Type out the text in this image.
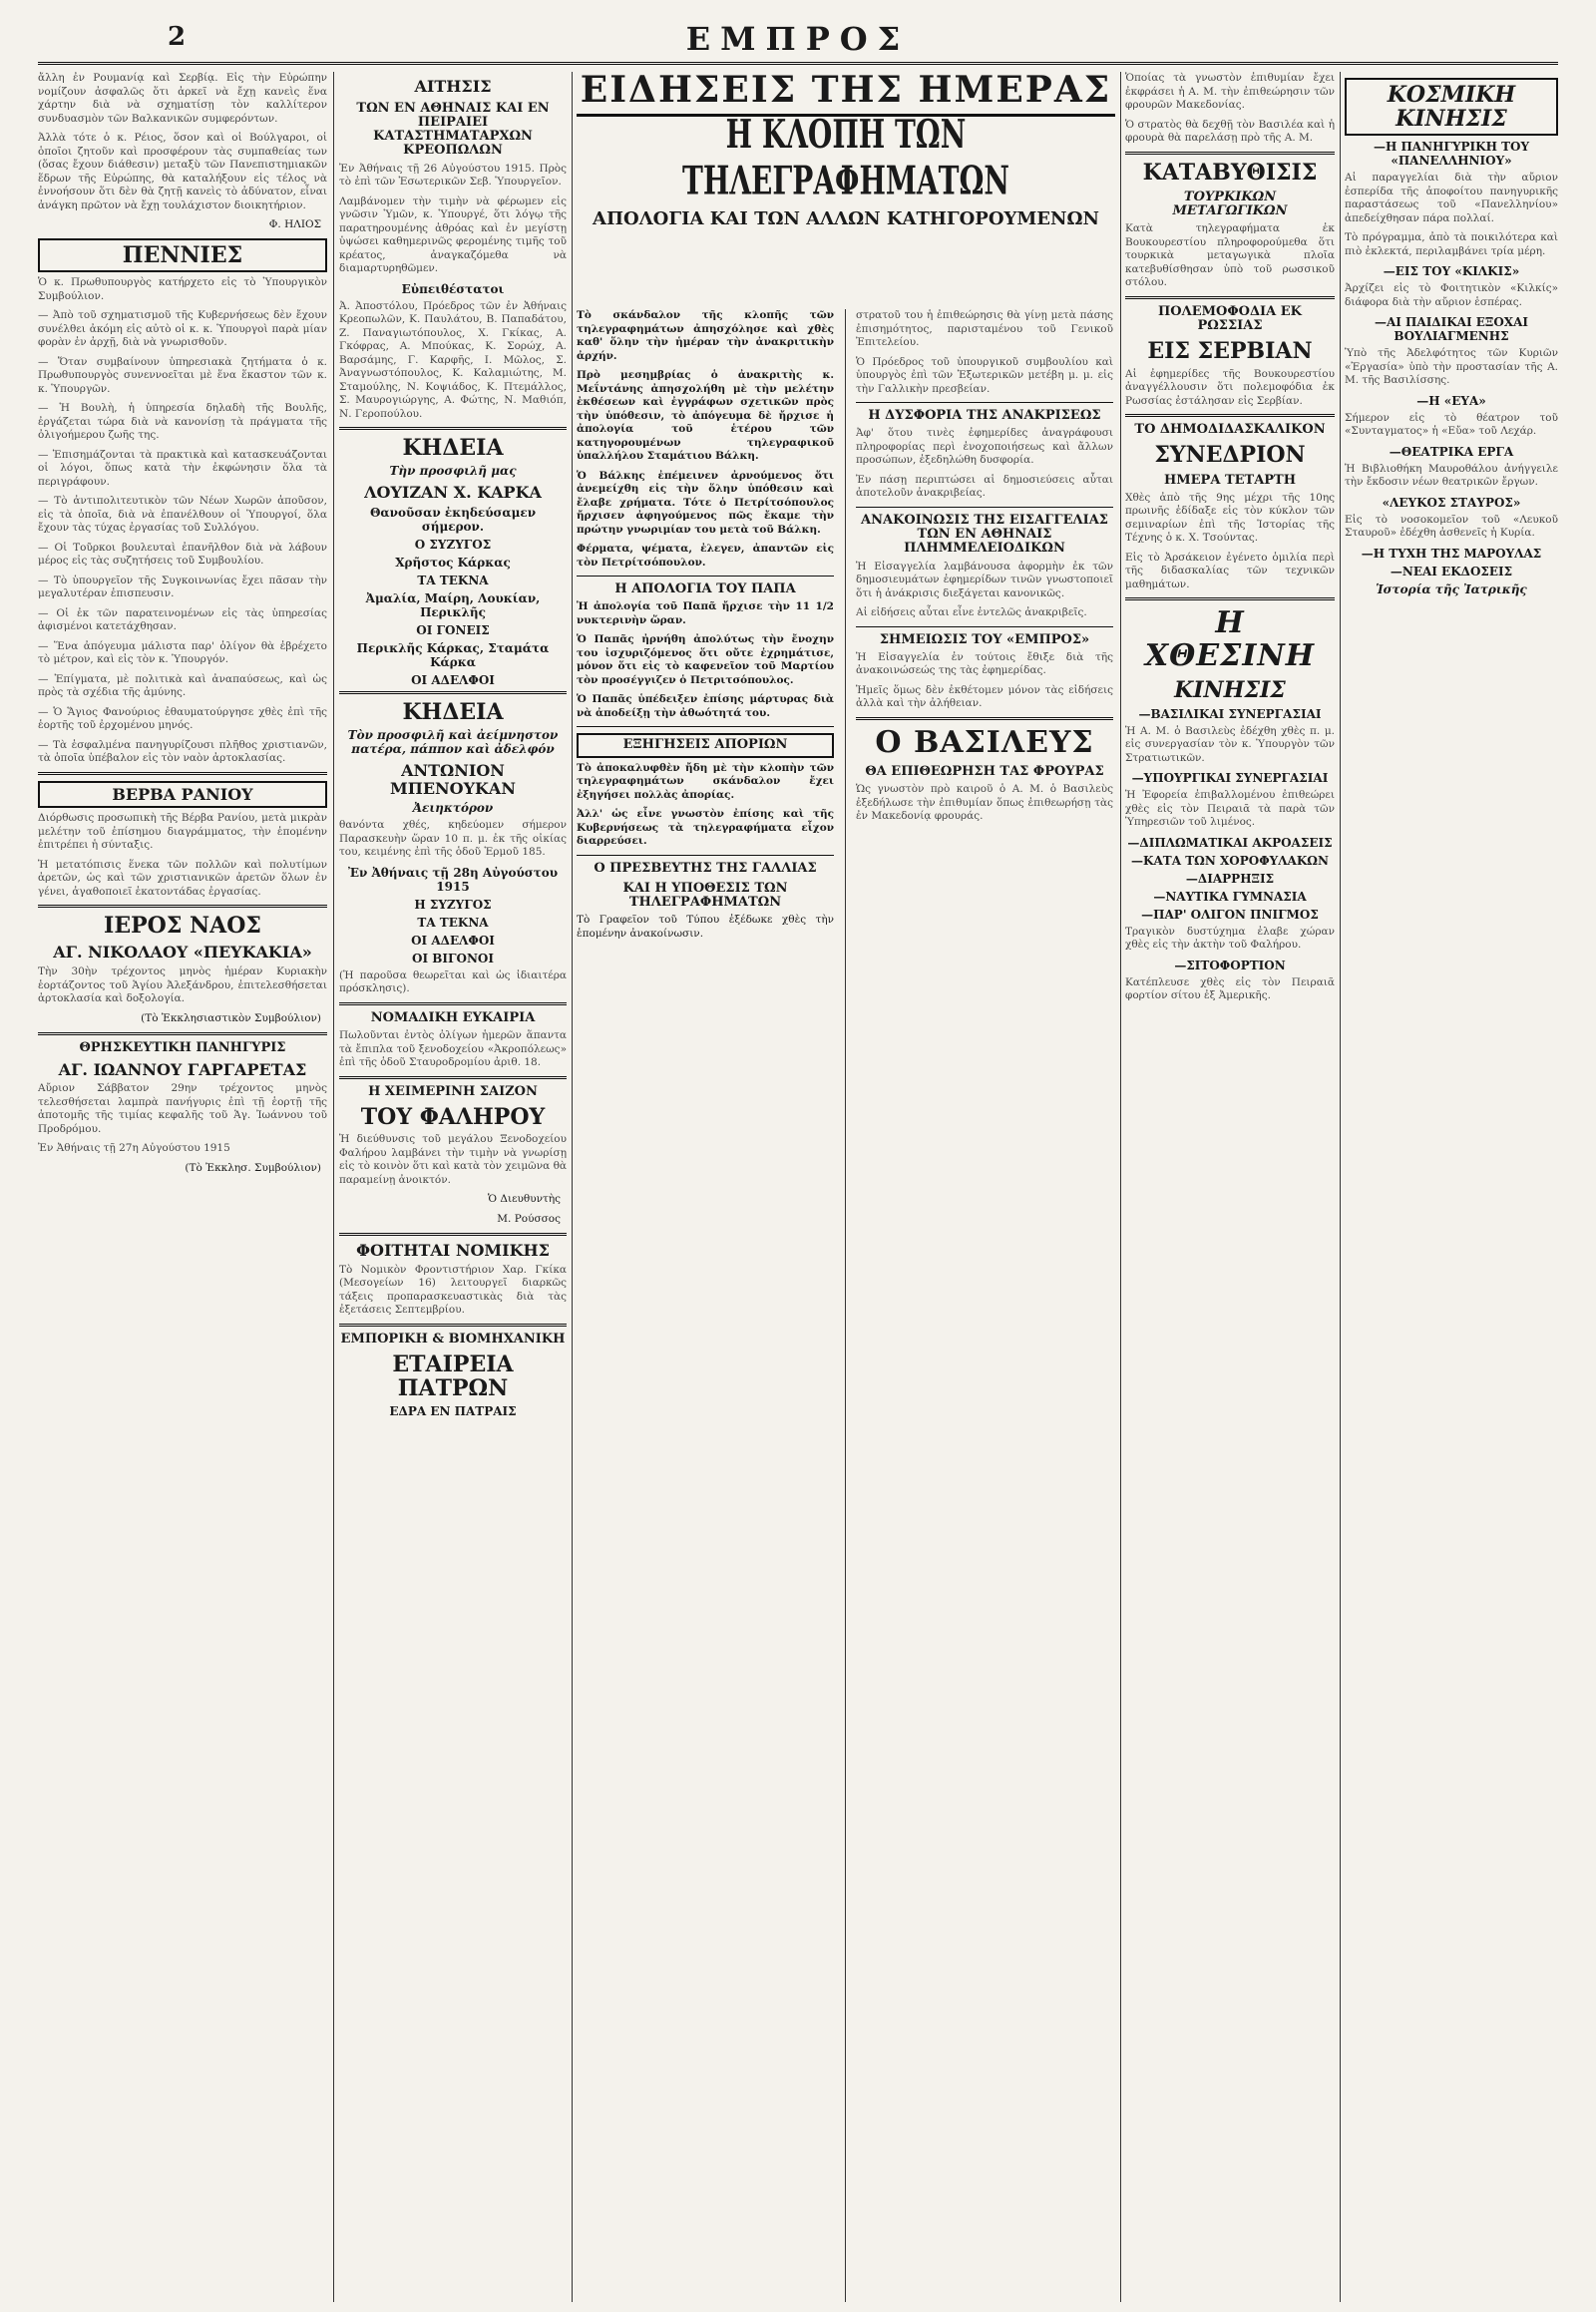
2	ΕΜΠΡΟΣ

ἄλλη ἐν Ρουμανίᾳ καὶ Σερβίᾳ. Εἰς τὴν Εὐρώπην νομίζουν ἀσφαλῶς ὅτι ἀρκεῖ νὰ ἔχῃ κανεὶς ἕνα χάρτην διὰ νὰ σχηματίσῃ τὸν καλλίτερον συνδυασμὸν τῶν Βαλκανικῶν συμφερόντων.

Ἀλλὰ τότε ὁ κ. Ρέιος, ὅσον καὶ οἱ Βούλγαροι, οἱ ὁποῖοι ζητοῦν καὶ προσφέρουν τὰς συμπαθείας των (ὅσας ἔχουν διάθεσιν) μεταξὺ τῶν Πανεπιστημιακῶν ἕδρων τῆς Εὐρώπης, θὰ καταλήξουν εἰς τέλος νὰ ἐννοήσουν ὅτι δὲν θὰ ζητῇ κανεὶς τὸ ἀδύνατον, εἶναι ἀνάγκη πρῶτον νὰ ἔχῃ τουλάχιστον διοικητήριον.

Φ. ΗΛΙΟΣ
ΠΕΝΝΙΕΣ

Ὁ κ. Πρωθυπουργὸς κατήρχετο εἰς τὸ Ὑπουργικὸν Συμβούλιον.

— Ἀπὸ τοῦ σχηματισμοῦ τῆς Κυβερνήσεως δὲν ἔχουν συνέλθει ἀκόμη εἰς αὐτὸ οἱ κ. κ. Ὑπουργοὶ παρὰ μίαν φορὰν ἐν ἀρχῇ, διὰ νὰ γνωρισθοῦν.

— Ὅταν συμβαίνουν ὑπηρεσιακὰ ζητήματα ὁ κ. Πρωθυπουργὸς συνεννοεῖται μὲ ἕνα ἕκαστον τῶν κ. κ. Ὑπουργῶν.

— Ἡ Βουλὴ, ἡ ὑπηρεσία δηλαδὴ τῆς Βουλῆς, ἐργάζεται τώρα διὰ νὰ κανονίσῃ τὰ πράγματα τῆς ὀλιγοήμερου ζωῆς της.

— Ἐπισημάζονται τὰ πρακτικὰ καὶ κατασκευάζονται οἱ λόγοι, ὅπως κατὰ τὴν ἐκφώνησιν ὅλα τὰ περιγράφουν.

— Τὸ ἀντιπολιτευτικὸν τῶν Νέων Χωρῶν ἀποῦσον, εἰς τὰ ὁποῖα, διὰ νὰ ἐπανέλθουν οἱ Ὑπουργοί, ὅλα ἔχουν τὰς τύχας ἐργασίας τοῦ Συλλόγου.

— Οἱ Τοῦρκοι βουλευταὶ ἐπανῆλθον διὰ νὰ λάβουν μέρος εἰς τὰς συζητήσεις τοῦ Συμβουλίου.

— Τὸ ὑπουργεῖον τῆς Συγκοινωνίας ἔχει πᾶσαν τὴν μεγαλυτέραν ἐπισπευσιν.

— Οἱ ἐκ τῶν παρατεινομένων εἰς τὰς ὑπηρεσίας ἀφισμένοι κατετάχθησαν.

— Ἕνα ἀπόγευμα μάλιστα παρ' ὀλίγον θὰ ἐβρέχετο τὸ μέτρον, καὶ εἰς τὸν κ. Ὑπουργόν.

— Ἐπίγματα, μὲ πολιτικὰ καὶ ἀναπαύσεως, καὶ ὡς πρὸς τὰ σχέδια τῆς ἀμύνης.

— Ὁ Ἅγιος Φανούριος ἐθαυματούργησε χθὲς ἐπὶ τῆς ἑορτῆς τοῦ ἐρχομένου μηνός.

— Τὰ ἐσφαλμένα πανηγυρίζουσι πλῆθος χριστιανῶν, τὰ ὁποῖα ὑπέβαλον εἰς τὸν ναὸν ἀρτοκλασίας.

ΒΕΡΒΑ ΡΑΝΙΟΥ

Διόρθωσις προσωπικὴ τῆς Βέρβα Ρανίου, μετὰ μικρὰν μελέτην τοῦ ἐπίσημου διαγράμματος, τὴν ἑπομένην ἐπιτρέπει ἡ σύνταξις.

Ἡ μετατόπισις ἕνεκα τῶν πολλῶν καὶ πολυτίμων ἀρετῶν, ὡς καὶ τῶν χριστιανικῶν ἀρετῶν ὅλων ἐν γένει, ἀγαθοποιεῖ ἑκατοντάδας ἐργασίας.

ΙΕΡΟΣ ΝΑΟΣ
ΑΓ. ΝΙΚΟΛΑΟΥ «ΠΕΥΚΑΚΙΑ»

Τὴν 30ὴν τρέχοντος μηνὸς ἡμέραν Κυριακὴν ἑορτάζοντος τοῦ Ἁγίου Ἀλεξάνδρου, ἐπιτελεσθήσεται ἀρτοκλασία καὶ δοξολογία.

(Τὸ Ἐκκλησιαστικὸν Συμβούλιον)
ΘΡΗΣΚΕΥΤΙΚΗ ΠΑΝΗΓΥΡΙΣ
ΑΓ. ΙΩΑΝΝΟΥ ΓΑΡΓΑΡΕΤΑΣ

Αὔριον Σάββατον 29ην τρέχοντος μηνὸς τελεσθήσεται λαμπρὰ πανήγυρις ἐπὶ τῇ ἑορτῇ τῆς ἀποτομῆς τῆς τιμίας κεφαλῆς τοῦ Ἁγ. Ἰωάννου τοῦ Προδρόμου.

Ἐν Ἀθήναις τῇ 27η Αὐγούστου 1915

(Τὸ Ἐκκλησ. Συμβούλιον)
ΑΙΤΗΣΙΣ
ΤΩΝ ΕΝ ΑΘΗΝΑΙΣ ΚΑΙ ΕΝ ΠΕΙΡΑΙΕΙ ΚΑΤΑΣΤΗΜΑΤΑΡΧΩΝ ΚΡΕΟΠΩΛΩΝ

Ἐν Ἀθήναις τῇ 26 Αὐγούστου 1915. Πρὸς τὸ ἐπὶ τῶν Ἐσωτερικῶν Σεβ. Ὑπουργεῖον.

Λαμβάνομεν τὴν τιμὴν νὰ φέρωμεν εἰς γνῶσιν Ὑμῶν, κ. Ὑπουργέ, ὅτι λόγῳ τῆς παρατηρουμένης ἀθρόας καὶ ἐν μεγίστῃ ὑψώσει καθημερινῶς φερομένης τιμῆς τοῦ κρέατος, ἀναγκαζόμεθα νὰ διαμαρτυρηθῶμεν.

Εὐπειθέστατοι

Ἀ. Ἀποστόλου, Πρόεδρος τῶν ἐν Ἀθήναις Κρεοπωλῶν, Κ. Παυλάτου, Β. Παπαδάτου, Ζ. Παναγιωτόπουλος, Χ. Γκίκας, Α. Γκόφρας, Α. Μπούκας, Κ. Σορώχ, Α. Βαρσάμης, Γ. Καρφῆς, Ι. Μῶλος, Σ. Ἀναγνωστόπουλος, Κ. Καλαμιώτης, Μ. Σταμούλης, Ν. Κοψιάδος, Κ. Πτεμάλλος, Σ. Μαυρογιώργης, Α. Φώτης, Ν. Μαθιόπ, Ν. Γεροπούλου.

ΚΗΔΕΙΑ
Τὴν προσφιλῆ μας
ΛΟΥΙΖΑΝ Χ. ΚΑΡΚΑ
Θανοῦσαν ἐκηδεύσαμεν σήμερον.
Ο ΣΥΖΥΓΟΣ
Χρῆστος Κάρκας
ΤΑ ΤΕΚΝΑ
Ἀμαλία, Μαίρη, Λουκίαν, Περικλῆς
ΟΙ ΓΟΝΕΙΣ
Περικλῆς Κάρκας, Σταμάτα Κάρκα
ΟΙ ΑΔΕΛΦΟΙ
ΚΗΔΕΙΑ
Τὸν προσφιλῆ καὶ ἀείμνηστον πατέρα, πάππον καὶ ἀδελφόν
ΑΝΤΩΝΙΟΝ ΜΠΕΝΟΥΚΑΝ
Ἀειηκτόρον

θανόντα χθές, κηδεύομεν σήμερον Παρασκευὴν ὥραν 10 π. μ. ἐκ τῆς οἰκίας του, κειμένης ἐπὶ τῆς ὁδοῦ Ἑρμοῦ 185.

Ἐν Ἀθήναις τῇ 28η Αὐγούστου 1915
Η ΣΥΖΥΓΟΣ
ΤΑ ΤΕΚΝΑ
ΟΙ ΑΔΕΛΦΟΙ
ΟΙ ΒΙΓΟΝΟΙ

(Ἡ παροῦσα θεωρεῖται καὶ ὡς ἰδιαιτέρα πρόσκλησις).

ΝΟΜΑΔΙΚΗ ΕΥΚΑΙΡΙΑ

Πωλοῦνται ἐντὸς ὀλίγων ἡμερῶν ἅπαντα τὰ ἔπιπλα τοῦ ξενοδοχείου «Ἀκροπόλεως» ἐπὶ τῆς ὁδοῦ Σταυροδρομίου ἀριθ. 18.

Η ΧΕΙΜΕΡΙΝΗ ΣΑΙΖΟΝ
ΤΟΥ ΦΑΛΗΡΟΥ

Ἡ διεύθυνσις τοῦ μεγάλου Ξενοδοχείου Φαλήρου λαμβάνει τὴν τιμὴν νὰ γνωρίσῃ εἰς τὸ κοινὸν ὅτι καὶ κατὰ τὸν χειμῶνα θὰ παραμείνῃ ἀνοικτόν.

Ὁ Διευθυντὴς
Μ. Ρούσσος
ΦΟΙΤΗΤΑΙ ΝΟΜΙΚΗΣ

Τὸ Νομικὸν Φροντιστήριον Χαρ. Γκίκα (Μεσογείων 16) λειτουργεῖ διαρκῶς τάξεις προπαρασκευαστικὰς διὰ τὰς ἐξετάσεις Σεπτεμβρίου.

ΕΜΠΟΡΙΚΗ & ΒΙΟΜΗΧΑΝΙΚΗ
ΕΤΑΙΡΕΙΑ ΠΑΤΡΩΝ
ΕΔΡΑ ΕΝ ΠΑΤΡΑΙΣ
ΕΙΔΗΣΕΙΣ ΤΗΣ ΗΜΕΡΑΣ
Η ΚΛΟΠΗ ΤΩΝ ΤΗΛΕΓΡΑΦΗΜΑΤΩΝ
ΑΠΟΛΟΓΙΑ ΚΑΙ ΤΩΝ ΑΛΛΩΝ ΚΑΤΗΓΟΡΟΥΜΕΝΩΝ

Τὸ σκάνδαλον τῆς κλοπῆς τῶν τηλεγραφημάτων ἀπησχόλησε καὶ χθὲς καθ' ὅλην τὴν ἡμέραν τὴν ἀνακριτικὴν ἀρχήν.

Πρὸ μεσημβρίας ὁ ἀνακριτὴς κ. Μεΐντάνης ἀπησχολήθη μὲ τὴν μελέτην ἐκθέσεων καὶ ἐγγράφων σχετικῶν πρὸς τὴν ὑπόθεσιν, τὸ ἀπόγευμα δὲ ἤρχισε ἡ ἀπολογία τοῦ ἑτέρου τῶν κατηγορουμένων τηλεγραφικοῦ ὑπαλλήλου Σταμάτιου Βάλκη.

Ὁ Βάλκης ἐπέμεινεν ἀρνούμενος ὅτι ἀνεμείχθη εἰς τὴν ὅλην ὑπόθεσιν καὶ ἔλαβε χρήματα. Τότε ὁ Πετρίτσόπουλος ἤρχισεν ἀφηγούμενος πῶς ἔκαμε τὴν πρώτην γνωριμίαν του μετὰ τοῦ Βάλκη.

Φέρματα, ψέματα, ἐλεγεν, ἀπαντῶν εἰς τὸν Πετρίτσόπουλον.

Η ΑΠΟΛΟΓΙΑ ΤΟΥ ΠΑΠΑ

Ἡ ἀπολογία τοῦ Παπᾶ ἤρχισε τὴν 11 1/2 νυκτερινὴν ὥραν.

Ὁ Παπᾶς ἠρνήθη ἀπολύτως τὴν ἔνοχην του ἰσχυριζόμενος ὅτι οὔτε ἐχρημάτισε, μόνον ὅτι εἰς τὸ καφενεῖον τοῦ Μαρτίου τὸν προσέγγιζεν ὁ Πετριτσόπουλος.

Ὁ Παπᾶς ὑπέδειξεν ἐπίσης μάρτυρας διὰ νὰ ἀποδείξῃ τὴν ἀθωότητά του.

ΕΞΗΓΗΣΕΙΣ ΑΠΟΡΙΩΝ

Τὸ ἀποκαλυφθὲν ἤδη μὲ τὴν κλοπὴν τῶν τηλεγραφημάτων σκάνδαλον ἔχει ἐξηγήσει πολλὰς ἀπορίας.

Ἀλλ' ὡς εἶνε γνωστὸν ἐπίσης καὶ τῆς Κυβερνήσεως τὰ τηλεγραφήματα εἶχον διαρρεύσει.

Ο ΠΡΕΣΒΕΥΤΗΣ ΤΗΣ ΓΑΛΛΙΑΣ
ΚΑΙ Η ΥΠΟΘΕΣΙΣ ΤΩΝ ΤΗΛΕΓΡΑΦΗΜΑΤΩΝ

Τὸ Γραφεῖον τοῦ Τύπου ἐξέδωκε χθὲς τὴν ἑπομένην ἀνακοίνωσιν.

στρατοῦ του ἡ ἐπιθεώρησις θὰ γίνῃ μετὰ πάσης ἐπισημότητος, παρισταμένου τοῦ Γενικοῦ Ἐπιτελείου.

Ὁ Πρόεδρος τοῦ ὑπουργικοῦ συμβουλίου καὶ ὑπουργὸς ἐπὶ τῶν Ἐξωτερικῶν μετέβη μ. μ. εἰς τὴν Γαλλικὴν πρεσβείαν.

Η ΔΥΣΦΟΡΙΑ ΤΗΣ ΑΝΑΚΡΙΣΕΩΣ

Ἀφ' ὅτου τινὲς ἐφημερίδες ἀναγράφουσι πληροφορίας περὶ ἐνοχοποιήσεως καὶ ἄλλων προσώπων, ἐξεδηλώθη δυσφορία.

Ἐν πάσῃ περιπτώσει αἱ δημοσιεύσεις αὗται ἀποτελοῦν ἀνακριβείας.

ΑΝΑΚΟΙΝΩΣΙΣ ΤΗΣ ΕΙΣΑΓΓΕΛΙΑΣ ΤΩΝ ΕΝ ΑΘΗΝΑΙΣ ΠΛΗΜΜΕΛΕΙΟΔΙΚΩΝ

Ἡ Εἰσαγγελία λαμβάνουσα ἀφορμὴν ἐκ τῶν δημοσιευμάτων ἐφημερίδων τινῶν γνωστοποιεῖ ὅτι ἡ ἀνάκρισις διεξάγεται κανονικῶς.

Αἱ εἰδήσεις αὗται εἶνε ἐντελῶς ἀνακριβεῖς.

ΣΗΜΕΙΩΣΙΣ ΤΟΥ «ΕΜΠΡΟΣ»

Ἡ Εἰσαγγελία ἐν τούτοις ἔθιξε διὰ τῆς ἀνακοινώσεώς της τὰς ἐφημερίδας.

Ἡμεῖς ὅμως δὲν ἐκθέτομεν μόνον τὰς εἰδήσεις ἀλλὰ καὶ τὴν ἀλήθειαν.

Ο ΒΑΣΙΛΕΥΣ
ΘΑ ΕΠΙΘΕΩΡΗΣΗ ΤΑΣ ΦΡΟΥΡΑΣ

Ὡς γνωστὸν πρὸ καιροῦ ὁ Α. Μ. ὁ Βασιλεὺς ἐξεδήλωσε τὴν ἐπιθυμίαν ὅπως ἐπιθεωρήσῃ τὰς ἐν Μακεδονίᾳ φρουράς.

Ὁποίας τὰ γνωστὸν ἐπιθυμίαν ἔχει ἐκφράσει ἡ Α. Μ. τὴν ἐπιθεώρησιν τῶν φρουρῶν Μακεδονίας.

Ὁ στρατὸς θὰ δεχθῇ τὸν Βασιλέα καὶ ἡ φρουρὰ θὰ παρελάσῃ πρὸ τῆς Α. Μ.

ΚΑΤΑΒΥΘΙΣΙΣ
ΤΟΥΡΚΙΚΩΝ ΜΕΤΑΓΩΓΙΚΩΝ

Κατὰ τηλεγραφήματα ἐκ Βουκουρεστίου πληροφορούμεθα ὅτι τουρκικὰ μεταγωγικὰ πλοῖα κατεβυθίσθησαν ὑπὸ τοῦ ρωσσικοῦ στόλου.

ΠΟΛΕΜΟΦΟΔΙΑ ΕΚ ΡΩΣΣΙΑΣ
ΕΙΣ ΣΕΡΒΙΑΝ

Αἱ ἐφημερίδες τῆς Βουκουρεστίου ἀναγγέλλουσιν ὅτι πολεμοφόδια ἐκ Ρωσσίας ἐστάλησαν εἰς Σερβίαν.

ΤΟ ΔΗΜΟΔΙΔΑΣΚΑΛΙΚΟΝ
ΣΥΝΕΔΡΙΟΝ
ΗΜΕΡΑ ΤΕΤΑΡΤΗ

Χθὲς ἀπὸ τῆς 9ης μέχρι τῆς 10ης πρωινῆς ἐδίδαξε εἰς τὸν κύκλον τῶν σεμιναρίων ἐπὶ τῆς Ἱστορίας τῆς Τέχνης ὁ κ. Χ. Τσούντας.

Εἰς τὸ Ἀρσάκειον ἐγένετο ὁμιλία περὶ τῆς διδασκαλίας τῶν τεχνικῶν μαθημάτων.

Η ΧΘΕΣΙΝΗ
ΚΙΝΗΣΙΣ
—ΒΑΣΙΛΙΚΑΙ ΣΥΝΕΡΓΑΣΙΑΙ

Ἡ Α. Μ. ὁ Βασιλεὺς ἐδέχθη χθὲς π. μ. εἰς συνεργασίαν τὸν κ. Ὑπουργὸν τῶν Στρατιωτικῶν.

—ΥΠΟΥΡΓΙΚΑΙ ΣΥΝΕΡΓΑΣΙΑΙ

Ἡ Ἐφορεία ἐπιβαλλομένου ἐπιθεώρει χθὲς εἰς τὸν Πειραιᾶ τὰ παρὰ τῶν Ὑπηρεσιῶν τοῦ λιμένος.

—ΔΙΠΛΩΜΑΤΙΚΑΙ ΑΚΡΟΑΣΕΙΣ
—ΚΑΤΑ ΤΩΝ ΧΟΡΟΦΥΛΑΚΩΝ
—ΔΙΑΡΡΗΞΙΣ
—ΝΑΥΤΙΚΑ ΓΥΜΝΑΣΙΑ
—ΠΑΡ' ΟΛΙΓΟΝ ΠΝΙΓΜΟΣ

Τραγικὸν δυστύχημα ἐλαβε χώραν χθὲς εἰς τὴν ἀκτὴν τοῦ Φαλήρου.

—ΣΙΤΟΦΟΡΤΙΟΝ

Κατέπλευσε χθὲς εἰς τὸν Πειραιᾶ φορτίον σίτου ἐξ Ἀμερικῆς.

ΚΟΣΜΙΚΗ ΚΙΝΗΣΙΣ
—Η ΠΑΝΗΓΥΡΙΚΗ ΤΟΥ «ΠΑΝΕΛΛΗΝΙΟΥ»

Αἱ παραγγελίαι διὰ τὴν αὔριον ἐσπερίδα τῆς ἀποφοίτου πανηγυρικῆς παραστάσεως τοῦ «Πανελληνίου» ἀπεδείχθησαν πάρα πολλαί.

Τὸ πρόγραμμα, ἀπὸ τὰ ποικιλότερα καὶ πιὸ ἐκλεκτά, περιλαμβάνει τρία μέρη.

—ΕΙΣ ΤΟΥ «ΚΙΛΚΙΣ»

Ἀρχίζει εἰς τὸ Φοιτητικὸν «Κιλκίς» διάφορα διὰ τὴν αὔριον ἑσπέρας.

—ΑΙ ΠΑΙΔΙΚΑΙ ΕΞΟΧΑΙ ΒΟΥΛΙΑΓΜΕΝΗΣ

Ὑπὸ τῆς Ἀδελφότητος τῶν Κυριῶν «Ἐργασία» ὑπὸ τὴν προστασίαν τῆς Α. Μ. τῆς Βασιλίσσης.

—Η «ΕΥΑ»

Σήμερον εἰς τὸ θέατρον τοῦ «Συνταγματος» ἡ «Εὔα» τοῦ Λεχάρ.

—ΘΕΑΤΡΙΚΑ ΕΡΓΑ

Ἡ Βιβλιοθήκη Μαυροθάλου ἀνήγγειλε τὴν ἔκδοσιν νέων θεατρικῶν ἔργων.

«ΛΕΥΚΟΣ ΣΤΑΥΡΟΣ»

Εἰς τὸ νοσοκομεῖον τοῦ «Λευκοῦ Σταυροῦ» ἐδέχθη ἀσθενεῖς ἡ Κυρία.

—Η ΤΥΧΗ ΤΗΣ ΜΑΡΟΥΛΑΣ
—ΝΕΑΙ ΕΚΔΟΣΕΙΣ
Ἱστορία τῆς Ἰατρικῆς
